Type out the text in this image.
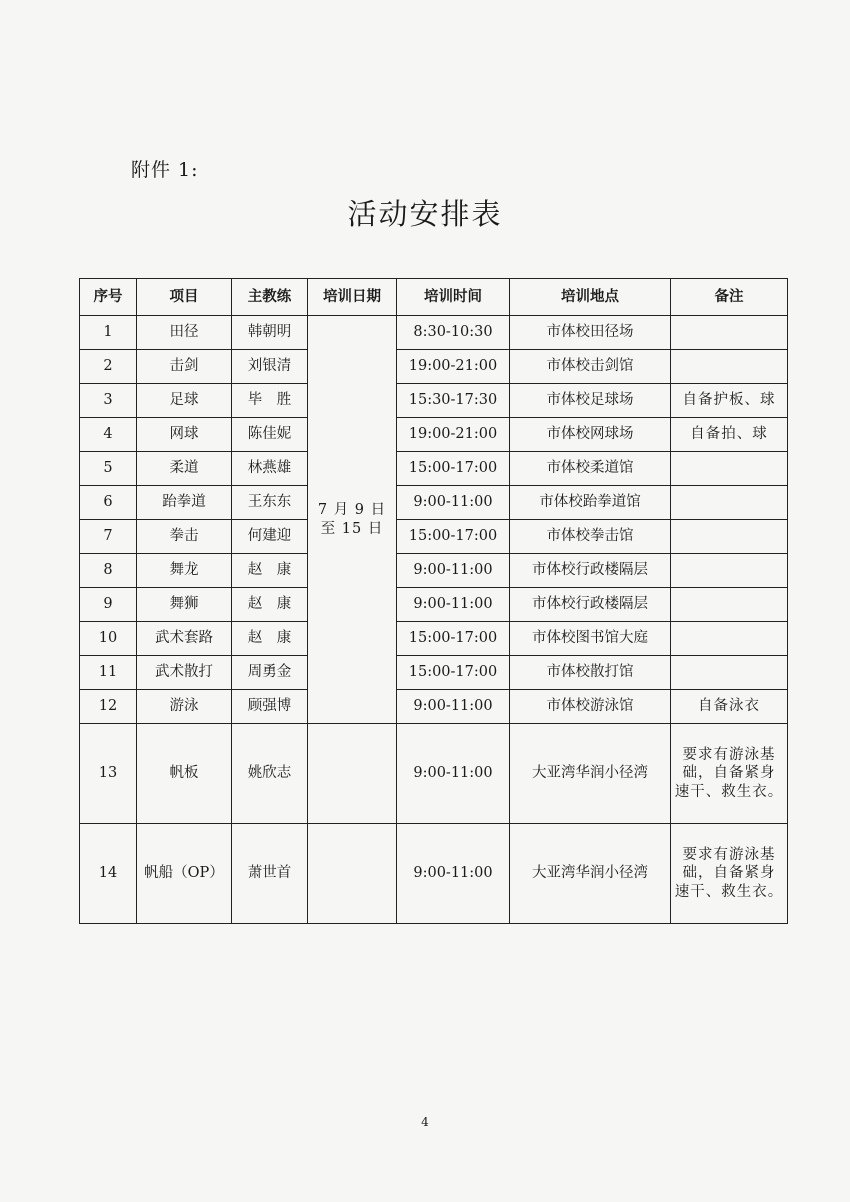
附件 1:
活动安排表
序号	项目	主教练	培训日期	培训时间	培训地点	备注
1	田径	韩朝明	7 月 9 日
至 15 日	8:30-10:30	市体校田径场	
2	击剑	刘银清		19:00-21:00	市体校击剑馆	
3	足球	毕　胜		15:30-17:30	市体校足球场	自备护板、球
4	网球	陈佳妮		19:00-21:00	市体校网球场	自备拍、球
5	柔道	林燕雄		15:00-17:00	市体校柔道馆	
6	跆拳道	王东东		9:00-11:00	市体校跆拳道馆	
7	拳击	何建迎		15:00-17:00	市体校拳击馆	
8	舞龙	赵　康		9:00-11:00	市体校行政楼隔层	
9	舞狮	赵　康		9:00-11:00	市体校行政楼隔层	
10	武术套路	赵　康		15:00-17:00	市体校图书馆大庭	
11	武术散打	周勇金		15:00-17:00	市体校散打馆	
12	游泳	顾强博		9:00-11:00	市体校游泳馆	自备泳衣
13	帆板	姚欣志		9:00-11:00	大亚湾华润小径湾	要求有游泳基
础，自备紧身
速干、救生衣。

14	帆船（OP）	萧世首		9:00-11:00	大亚湾华润小径湾	要求有游泳基
础，自备紧身
速干、救生衣。
4
